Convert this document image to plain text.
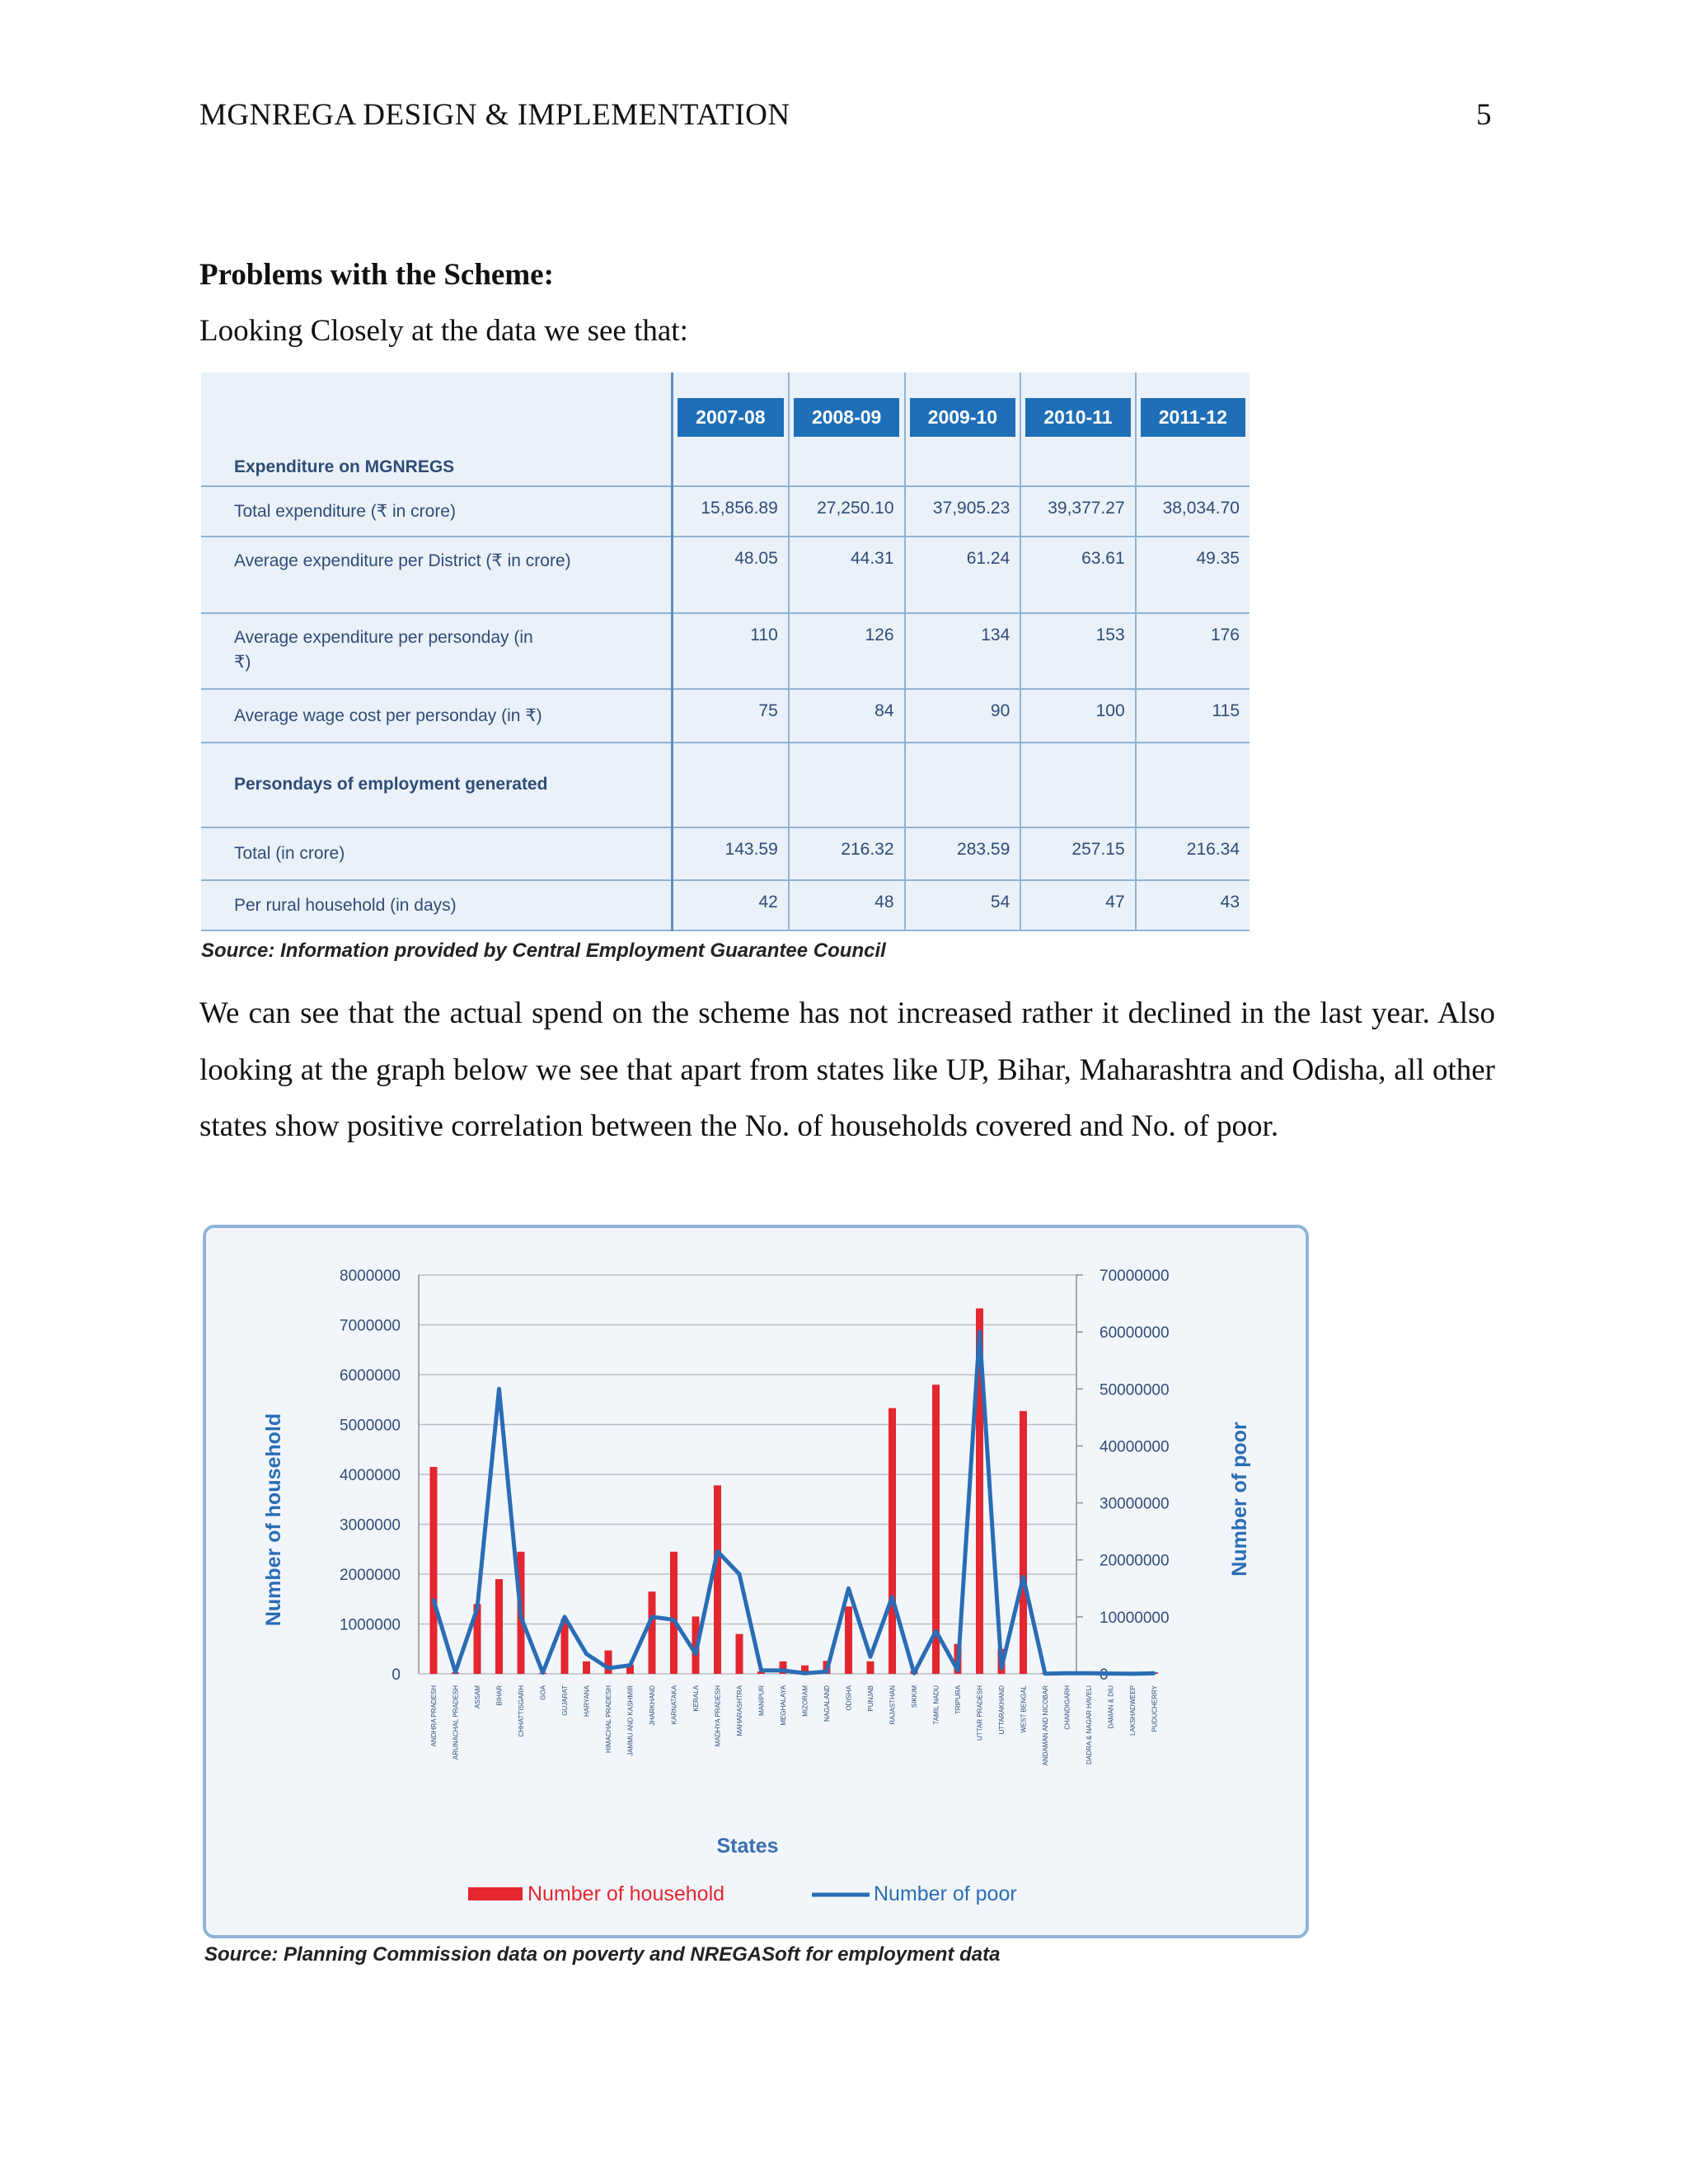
MGNREGA DESIGN & IMPLEMENTATION	5
Problems with the Scheme:
Looking Closely at the data we see that:
Expenditure on MGNREGS	2007-08	2008-09	2009-10	2010-11	2011-12
Total expenditure (₹ in crore)	15,856.89	27,250.10	37,905.23	39,377.27	38,034.70
Average expenditure per District (₹ in crore)	48.05	44.31	61.24	63.61	49.35
Average expenditure per personday (in ₹)	110	126	134	153	176
Average wage cost per personday (in ₹)	75	84	90	100	115
Persondays of employment generated					
Total (in crore)	143.59	216.32	283.59	257.15	216.34
Per rural household (in days)	42	48	54	47	43
Source: Information provided by Central Employment Guarantee Council
We can see that the actual spend on the scheme has not increased rather it declined in the last year. Also looking at the graph below we see that apart from states like UP, Bihar, Maharashtra and Odisha, all other states show positive correlation between the No. of households covered and No. of poor.
0
1000000
2000000
3000000
4000000
5000000
6000000
7000000
8000000
0
10000000
20000000
30000000
40000000
50000000
60000000
70000000
ANDHRA PRADESH ARUNACHAL PRADESH ASSAM BIHAR CHHATTISGARH GOA GUJARAT HARYANA HIMACHAL PRADESH JAMMU AND KASHMIR JHARKHAND KARNATAKA KERALA MADHYA PRADESH MAHARASHTRA MANIPUR MEGHALAYA MIZORAM NAGALAND ODISHA PUNJAB RAJASTHAN SIKKIM TAMIL NADU TRIPURA UTTAR PRADESH UTTARAKHAND WEST BENGAL ANDAMAN AND NICOBAR CHANDIGARH DADRA & NAGAR HAVELI DAMAN & DIU LAKSHADWEEP PUDUCHERRY
States
Number of household	Number of poor
Number of household	Number of poor
Source: Planning Commission data on poverty and NREGASoft for employment data
